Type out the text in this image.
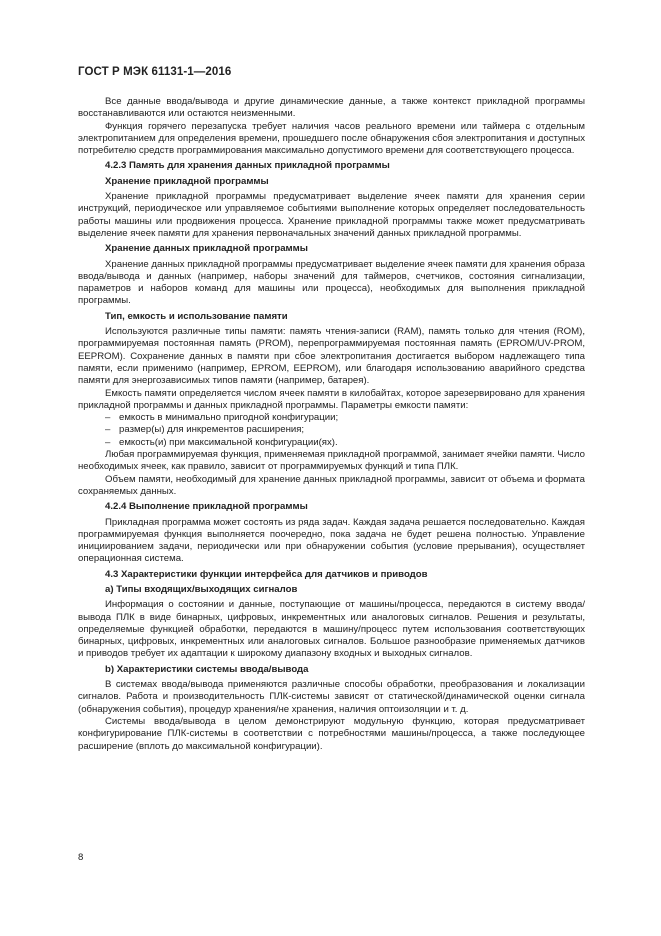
ГОСТ Р МЭК 61131-1—2016

Все данные ввода/вывода и другие динамические данные, а также контекст прикладной программы восстанавливаются или остаются неизменными.

Функция горячего перезапуска требует наличия часов реального времени или таймера с отдельным электропитанием для определения времени, прошедшего после обнаружения сбоя электропитания и доступных потребителю средств программирования максимально допустимого времени для соответствующего процесса.

4.2.3 Память для хранения данных прикладной программы
Хранение прикладной программы

Хранение прикладной программы предусматривает выделение ячеек памяти для хранения серии инструкций, периодическое или управляемое событиями выполнение которых определяет последовательность работы машины или продвижения процесса. Хранение прикладной программы также может предусматривать выделение ячеек памяти для хранения первоначальных значений данных прикладной программы.

Хранение данных прикладной программы

Хранение данных прикладной программы предусматривает выделение ячеек памяти для хранения образа ввода/вывода и данных (например, наборы значений для таймеров, счетчиков, состояния сигнализации, параметров и наборов команд для машины или процесса), необходимых для выполнения прикладной программы.

Тип, емкость и использование памяти

Используются различные типы памяти: память чтения-записи (RAM), память только для чтения (ROM), программируемая постоянная память (PROM), перепрограммируемая постоянная память (EPROM/UV-PROM, EEPROM). Сохранение данных в памяти при сбое электропитания достигается выбором надлежащего типа памяти, если применимо (например, EPROM, EEPROM), или благодаря использованию аварийного средства памяти для энергозависимых типов памяти (например, батарея).

Емкость памяти определяется числом ячеек памяти в килобайтах, которое зарезервировано для хранения прикладной программы и данных прикладной программы. Параметры емкости памяти:

– емкость в минимально пригодной конфигурации;
– размер(ы) для инкрементов расширения;
– емкость(и) при максимальной конфигурации(ях).

Любая программируемая функция, применяемая прикладной программой, занимает ячейки памяти. Число необходимых ячеек, как правило, зависит от программируемых функций и типа ПЛК.

Объем памяти, необходимый для хранение данных прикладной программы, зависит от объема и формата сохраняемых данных.

4.2.4 Выполнение прикладной программы

Прикладная программа может состоять из ряда задач. Каждая задача решается последовательно. Каждая программируемая функция выполняется поочередно, пока задача не будет решена полностью. Управление инициированием задачи, периодически или при обнаружении события (условие прерывания), осуществляет операционная система.

4.3 Характеристики функции интерфейса для датчиков и приводов
а) Типы входящих/выходящих сигналов

Информация о состоянии и данные, поступающие от машины/процесса, передаются в систему ввода/вывода ПЛК в виде бинарных, цифровых, инкрементных или аналоговых сигналов. Решения и результаты, определяемые функцией обработки, передаются в машину/процесс путем использования соответствующих бинарных, цифровых, инкрементных или аналоговых сигналов. Большое разнообразие применяемых датчиков и приводов требует их адаптации к широкому диапазону входных и выходных сигналов.

b) Характеристики системы ввода/вывода

В системах ввода/вывода применяются различные способы обработки, преобразования и локализации сигналов. Работа и производительность ПЛК-системы зависят от статической/динамической оценки сигнала (обнаружения события), процедур хранения/не хранения, наличия оптоизоляции и т. д.

Системы ввода/вывода в целом демонстрируют модульную функцию, которая предусматривает конфигурирование ПЛК-системы в соответствии с потребностями машины/процесса, а также последующее расширение (вплоть до максимальной конфигурации).

8
